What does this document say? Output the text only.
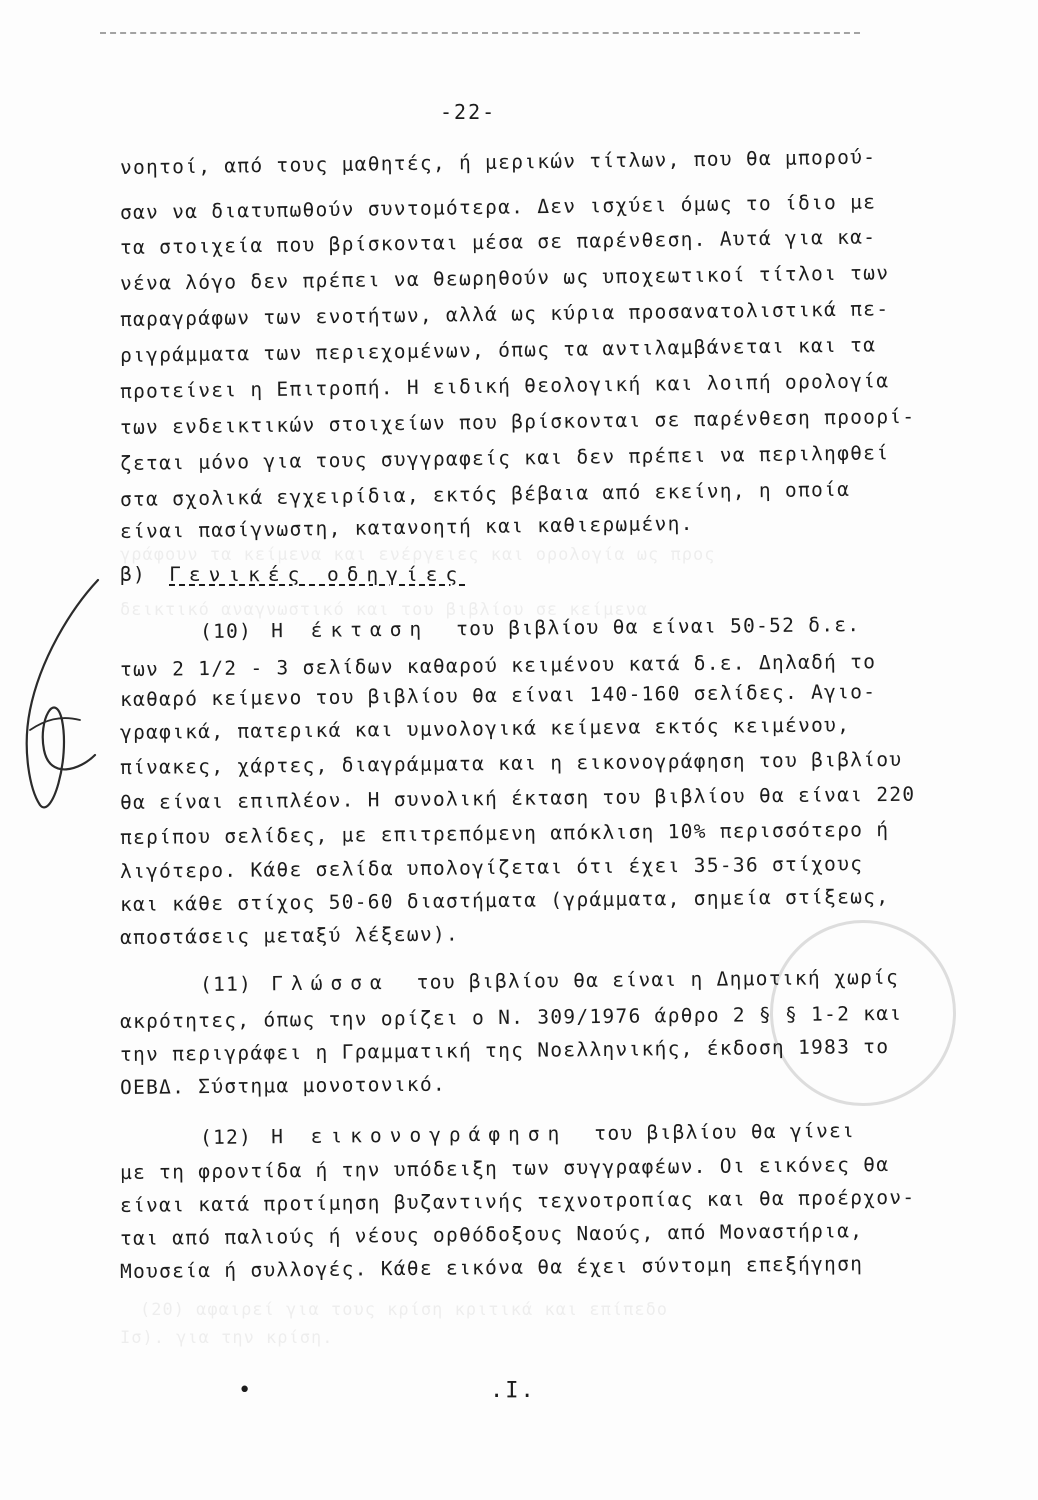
γράφουν τα κείμενα και ενέργειες και ορολογία ως προς
δεικτικό αναγνωστικό και του βιβλίου σε κείμενα
(20) αφαιρεί για τους κρίση κριτικά και επίπεδο
Ισ). για την κρίση.
-22-
νοητοί, από τους μαθητές, ή μερικών τίτλων, που θα μπορού-
σαν να διατυπωθούν συντομότερα. Δεν ισχύει όμως το ίδιο με
τα στοιχεία που βρίσκονται μέσα σε παρένθεση. Αυτά για κα-
νένα λόγο δεν πρέπει να θεωρηθούν ως υποχεωτικοί τίτλοι των
παραγράφων των ενοτήτων, αλλά ως κύρια προσανατολιστικά πε-
ριγράμματα των περιεχομένων, όπως τα αντιλαμβάνεται και τα
προτείνει η Επιτροπή. Η ειδική θεολογική και λοιπή ορολογία
των ενδεικτικών στοιχείων που βρίσκονται σε παρένθεση προορί-
ζεται μόνο για τους συγγραφείς και δεν πρέπει να περιληφθεί
στα σχολικά εγχειρίδια, εκτός βέβαια από εκείνη, η οποία
είναι πασίγνωστη, κατανοητή και καθιερωμένη.
β) Γενικές οδηγίες
(10) Η έκταση του βιβλίου θα είναι 50-52 δ.ε.
των 2 1/2 - 3 σελίδων καθαρού κειμένου κατά δ.ε. Δηλαδή το
καθαρό κείμενο του βιβλίου θα είναι 140-160 σελίδες. Αγιο-
γραφικά, πατερικά και υμνολογικά κείμενα εκτός κειμένου,
πίνακες, χάρτες, διαγράμματα και η εικονογράφηση του βιβλίου
θα είναι επιπλέον. Η συνολική έκταση του βιβλίου θα είναι 220
περίπου σελίδες, με επιτρεπόμενη απόκλιση 10% περισσότερο ή
λιγότερο. Κάθε σελίδα υπολογίζεται ότι έχει 35-36 στίχους
και κάθε στίχος 50-60 διαστήματα (γράμματα, σημεία στίξεως,
αποστάσεις μεταξύ λέξεων).
(11) Γλώσσα του βιβλίου θα είναι η Δημοτική χωρίς
ακρότητες, όπως την ορίζει ο Ν. 309/1976 άρθρο 2 § § 1-2 και
την περιγράφει η Γραμματική της Νοελληνικής, έκδοση 1983 το
ΟΕΒΔ. Σύστημα μονοτονικό.
(12) Η εικονογράφηση του βιβλίου θα γίνει
με τη φροντίδα ή την υπόδειξη των συγγραφέων. Οι εικόνες θα
είναι κατά προτίμηση βυζαντινής τεχνοτροπίας και θα προέρχον-
ται από παλιούς ή νέους ορθόδοξους Ναούς, από Μοναστήρια,
Μουσεία ή συλλογές. Κάθε εικόνα θα έχει σύντομη επεξήγηση
•	.Ι.
